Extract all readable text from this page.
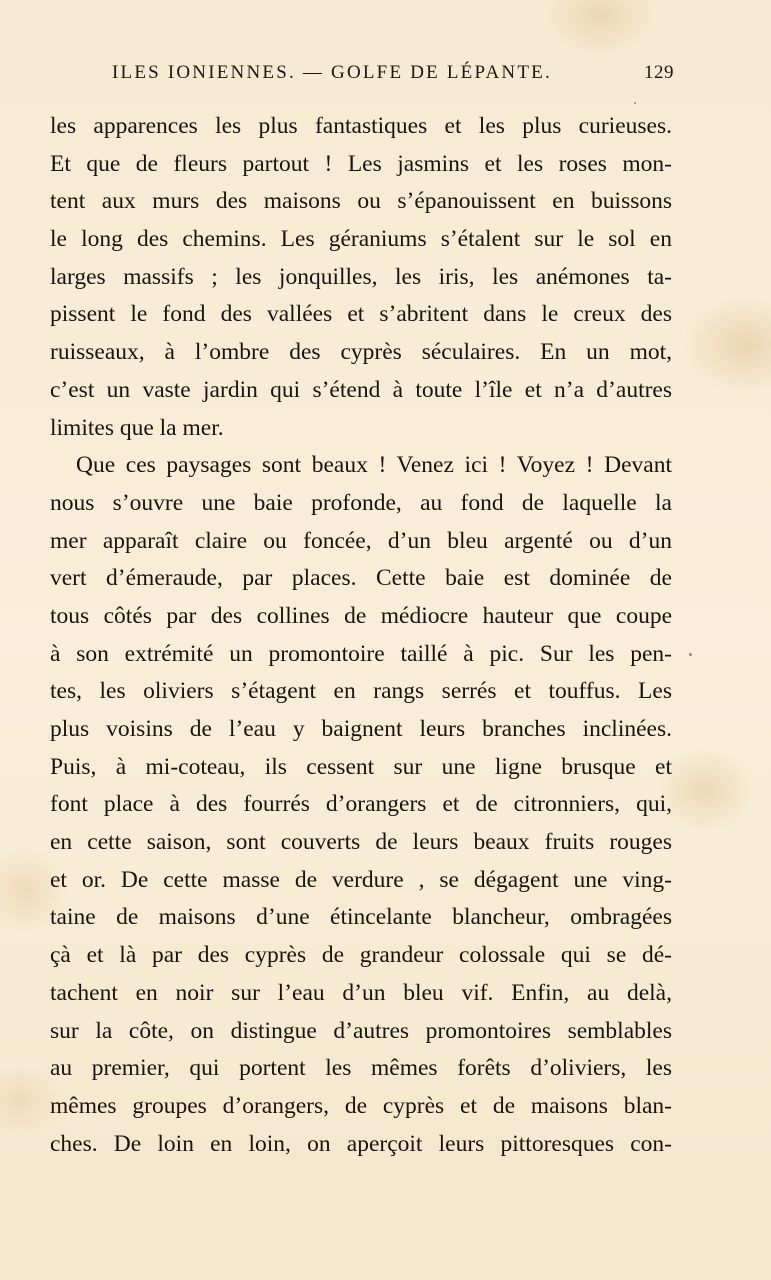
ILES IONIENNES. — GOLFE DE LÉPANTE.	129
les apparences les plus fantastiques et les plus curieuses.
Et que de fleurs partout ! Les jasmins et les roses mon-
tent aux murs des maisons ou s’épanouissent en buissons
le long des chemins. Les géraniums s’étalent sur le sol en
larges massifs ; les jonquilles, les iris, les anémones ta-
pissent le fond des vallées et s’abritent dans le creux des
ruisseaux, à l’ombre des cyprès séculaires. En un mot,
c’est un vaste jardin qui s’étend à toute l’île et n’a d’autres
limites que la mer.
Que ces paysages sont beaux ! Venez ici ! Voyez ! Devant
nous s’ouvre une baie profonde, au fond de laquelle la
mer apparaît claire ou foncée, d’un bleu argenté ou d’un
vert d’émeraude, par places. Cette baie est dominée de
tous côtés par des collines de médiocre hauteur que coupe
à son extrémité un promontoire taillé à pic. Sur les pen-
tes, les oliviers s’étagent en rangs serrés et touffus. Les
plus voisins de l’eau y baignent leurs branches inclinées.
Puis, à mi-coteau, ils cessent sur une ligne brusque et
font place à des fourrés d’orangers et de citronniers, qui,
en cette saison, sont couverts de leurs beaux fruits rouges
et or. De cette masse de verdure , se dégagent une ving-
taine de maisons d’une étincelante blancheur, ombragées
çà et là par des cyprès de grandeur colossale qui se dé-
tachent en noir sur l’eau d’un bleu vif. Enfin, au delà,
sur la côte, on distingue d’autres promontoires semblables
au premier, qui portent les mêmes forêts d’oliviers, les
mêmes groupes d’orangers, de cyprès et de maisons blan-
ches. De loin en loin, on aperçoit leurs pittoresques con-
